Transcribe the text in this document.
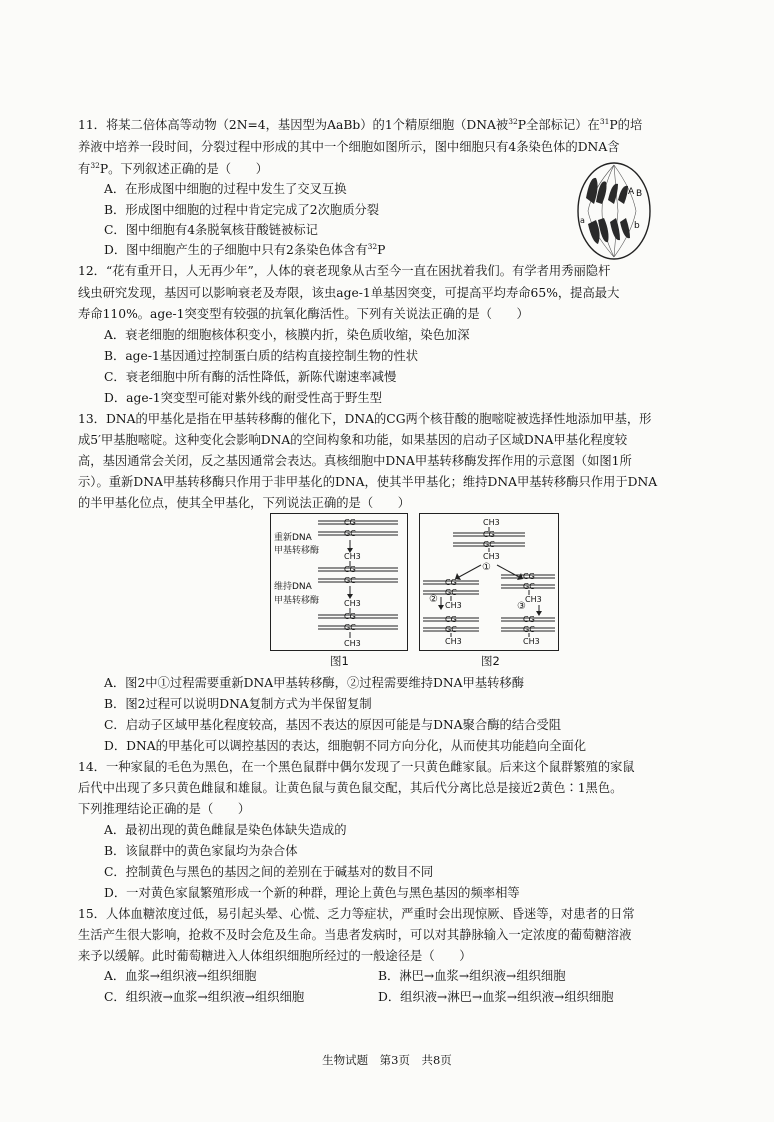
11．将某二倍体高等动物（2N=4，基因型为AaBb）的1个精原细胞（DNA被$^{32}$P全部标记）在$^{31}$P的培
养液中培养一段时间，分裂过程中形成的其中一个细胞如图所示，图中细胞只有4条染色体的DNA含
有$^{32}$P。下列叙述正确的是（　　）
A．在形成图中细胞的过程中发生了交叉互换
B．形成图中细胞的过程中肯定完成了2次胞质分裂
C．图中细胞有4条脱氧核苷酸链被标记
D．图中细胞产生的子细胞中只有2条染色体含有$^{32}$P
A B
a
b
12．“花有重开日，人无再少年”，人体的衰老现象从古至今一直在困扰着我们。有学者用秀丽隐杆
线虫研究发现，基因可以影响衰老及寿限，该虫age-1单基因突变，可提高平均寿命65%，提高最大
寿命110%。age-1突变型有较强的抗氧化酶活性。下列有关说法正确的是（　　）
A．衰老细胞的细胞核体积变小，核膜内折，染色质收缩，染色加深
B．age-1基因通过控制蛋白质的结构直接控制生物的性状
C．衰老细胞中所有酶的活性降低，新陈代谢速率减慢
D．age-1突变型可能对紫外线的耐受性高于野生型
13．DNA的甲基化是指在甲基转移酶的催化下，DNA的CG两个核苷酸的胞嘧啶被选择性地添加甲基，形
成5′甲基胞嘧啶。这种变化会影响DNA的空间构象和功能，如果基因的启动子区域DNA甲基化程度较
高，基因通常会关闭，反之基因通常会表达。真核细胞中DNA甲基转移酶发挥作用的示意图（如图1所
示）。重新DNA甲基转移酶只作用于非甲基化的DNA，使其半甲基化；维持DNA甲基转移酶只作用于DNA
的半甲基化位点，使其全甲基化，下列说法正确的是（　　）
CG
GC
重新DNA
甲基转移酶
CH3
CG
GC
维持DNA
甲基转移酶	CH3
CG
GC
CH3
图1
CH3
CG
GC
CH3
①
CG
GC
CH3
CG
GC
CH3
②
③
CG
GC
CH3
CG
GC
CH3
图2
A．图2中①过程需要重新DNA甲基转移酶，②过程需要维持DNA甲基转移酶
B．图2过程可以说明DNA复制方式为半保留复制
C．启动子区域甲基化程度较高，基因不表达的原因可能是与DNA聚合酶的结合受阻
D．DNA的甲基化可以调控基因的表达，细胞朝不同方向分化，从而使其功能趋向全面化
14．一种家鼠的毛色为黑色，在一个黑色鼠群中偶尔发现了一只黄色雌家鼠。后来这个鼠群繁殖的家鼠
后代中出现了多只黄色雌鼠和雄鼠。让黄色鼠与黄色鼠交配，其后代分离比总是接近2黄色∶1黑色。
下列推理结论正确的是（　　）
A．最初出现的黄色雌鼠是染色体缺失造成的
B．该鼠群中的黄色家鼠均为杂合体
C．控制黄色与黑色的基因之间的差别在于碱基对的数目不同
D．一对黄色家鼠繁殖形成一个新的种群，理论上黄色与黑色基因的频率相等
15．人体血糖浓度过低，易引起头晕、心慌、乏力等症状，严重时会出现惊厥、昏迷等，对患者的日常
生活产生很大影响，抢救不及时会危及生命。当患者发病时，可以对其静脉输入一定浓度的葡萄糖溶液
来予以缓解。此时葡萄糖进入人体组织细胞所经过的一般途径是（　　）
A．血浆→组织液→组织细胞	B．淋巴→血浆→组织液→组织细胞
C．组织液→血浆→组织液→组织细胞	D．组织液→淋巴→血浆→组织液→组织细胞
生物试题　第3页　共8页
